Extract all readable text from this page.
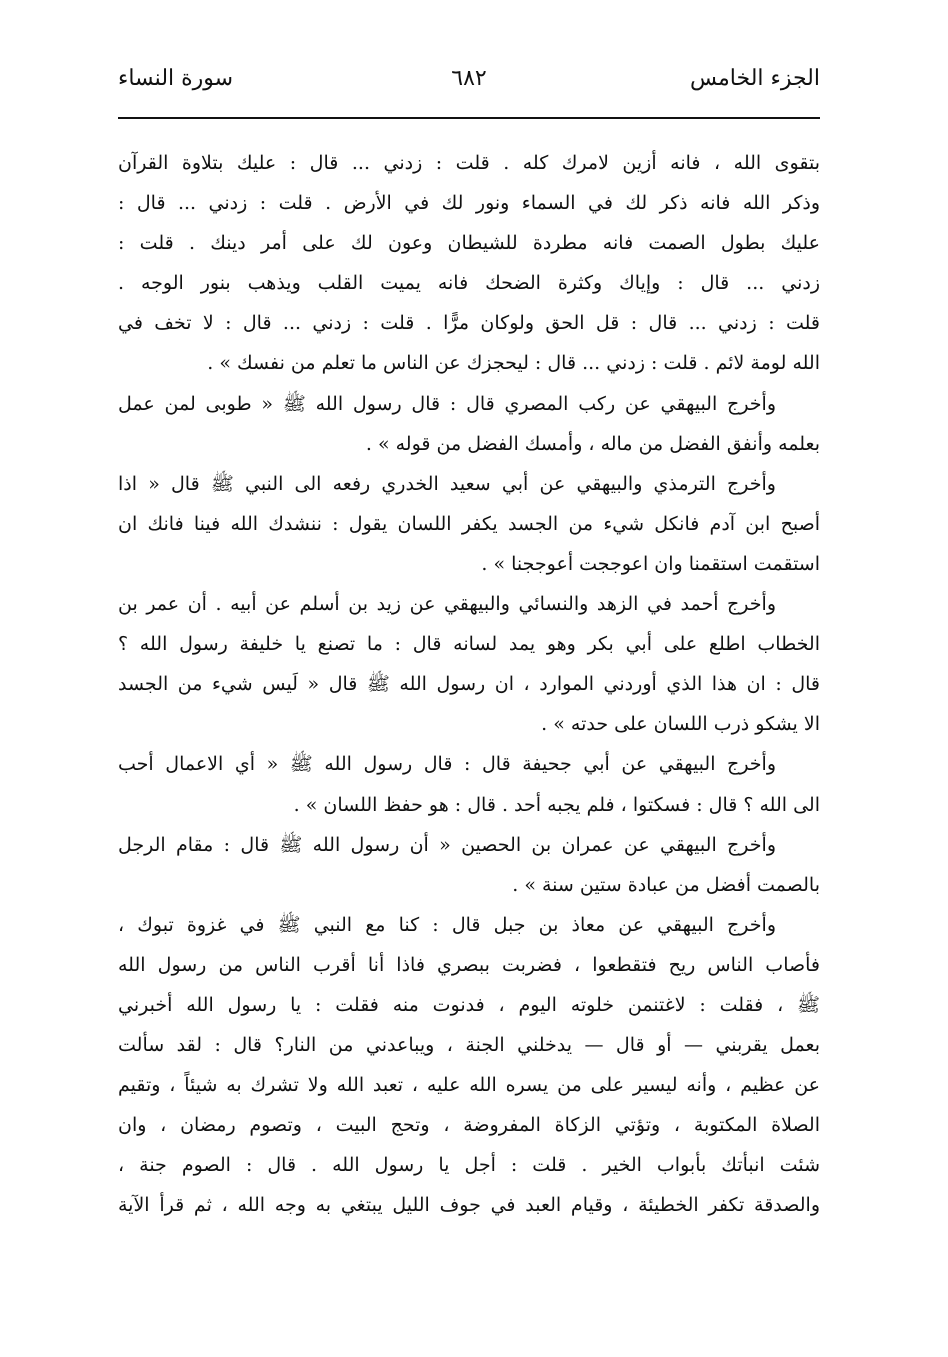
الجزء الخامس
٦٨٢
سورة النساء
بتقوى الله ، فانه أزين لامرك كله . قلت : زدني ... قال : عليك بتلاوة القرآن
وذكر الله فانه ذكر لك في السماء ونور لك في الأرض . قلت : زدني ... قال :
عليك بطول الصمت فانه مطردة للشيطان وعون لك على أمر دينك . قلت :
زدني ... قال : وإياك وكثرة الضحك فانه يميت القلب ويذهب بنور الوجه .
قلت : زدني ... قال : قل الحق ولوكان مرًّا . قلت : زدني ... قال : لا تخف في
الله لومة لائم . قلت : زدني ... قال : ليحجزك عن الناس ما تعلم من نفسك » .
وأخرج البيهقي عن ركب المصري قال : قال رسول الله ﷺ « طوبى لمن عمل
بعلمه وأنفق الفضل من ماله ، وأمسك الفضل من قوله » .
وأخرج الترمذي والبيهقي عن أبي سعيد الخدري رفعه الى النبي ﷺ قال « اذا
أصبح ابن آدم فانكل شيء من الجسد يكفر اللسان يقول : ننشدك الله فينا فانك ان
استقمت استقمنا وان اعوججت أعوججنا » .
وأخرج أحمد في الزهد والنسائي والبيهقي عن زيد بن أسلم عن أبيه . أن عمر بن
الخطاب اطلع على أبي بكر وهو يمد لسانه قال : ما تصنع يا خليفة رسول الله ؟
قال : ان هذا الذي أوردني الموارد ، ان رسول الله ﷺ قال « لَيس شيء من الجسد
الا يشكو ذرب اللسان على حدته » .
وأخرج البيهقي عن أبي جحيفة قال : قال رسول الله ﷺ « أي الاعمال أحب
الى الله ؟ قال : فسكتوا ، فلم يجبه أحد . قال : هو حفظ اللسان » .
وأخرج البيهقي عن عمران بن الحصين « أن رسول الله ﷺ قال : مقام الرجل
بالصمت أفضل من عبادة ستين سنة » .
وأخرج البيهقي عن معاذ بن جبل قال : كنا مع النبي ﷺ في غزوة تبوك ،
فأصاب الناس ريح فتقطعوا ، فضربت ببصري فاذا أنا أقرب الناس من رسول الله
ﷺ ، فقلت : لاغتنمن خلوته اليوم ، فدنوت منه فقلت : يا رسول الله أخبرني
بعمل يقربني — أو قال — يدخلني الجنة ، ويباعدني من النار؟ قال : لقد سألت
عن عظيم ، وأنه ليسير على من يسره الله عليه ، تعبد الله ولا تشرك به شيئاً ، وتقيم
الصلاة المكتوبة ، وتؤتي الزكاة المفروضة ، وتحج البيت ، وتصوم رمضان ، وان
شئت انبأتك بأبواب الخير . قلت : أجل يا رسول الله . قال : الصوم جنة ،
والصدقة تكفر الخطيئة ، وقيام العبد في جوف الليل يبتغي به وجه الله ، ثم قرأ الآية
